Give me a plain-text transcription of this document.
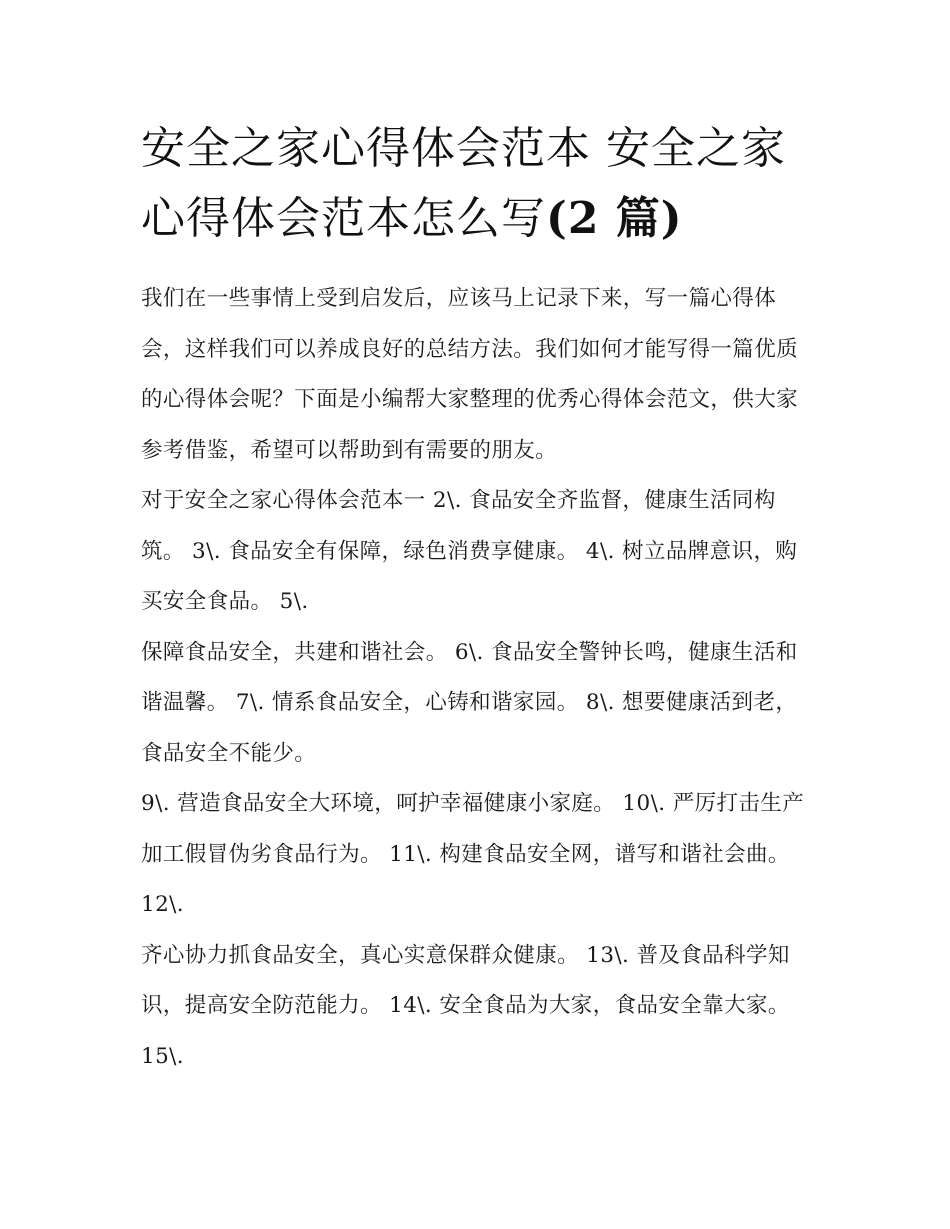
安全之家心得体会范本 安全之家心得体会范本怎么写(2 篇)

我们在一些事情上受到启发后，应该马上记录下来，写一篇心得体会，这样我们可以养成良好的总结方法。我们如何才能写得一篇优质的心得体会呢？下面是小编帮大家整理的优秀心得体会范文，供大家参考借鉴，希望可以帮助到有需要的朋友。

对于安全之家心得体会范本一 2\. 食品安全齐监督，健康生活同构筑。 3\. 食品安全有保障，绿色消费享健康。 4\. 树立品牌意识，购买安全食品。 5\.

保障食品安全，共建和谐社会。 6\. 食品安全警钟长鸣，健康生活和谐温馨。 7\. 情系食品安全，心铸和谐家园。 8\. 想要健康活到老，食品安全不能少。

9\. 营造食品安全大环境，呵护幸福健康小家庭。 10\. 严厉打击生产加工假冒伪劣食品行为。 11\. 构建食品安全网，谱写和谐社会曲。 12\.

齐心协力抓食品安全，真心实意保群众健康。 13\. 普及食品科学知识，提高安全防范能力。 14\. 安全食品为大家，食品安全靠大家。 15\.
